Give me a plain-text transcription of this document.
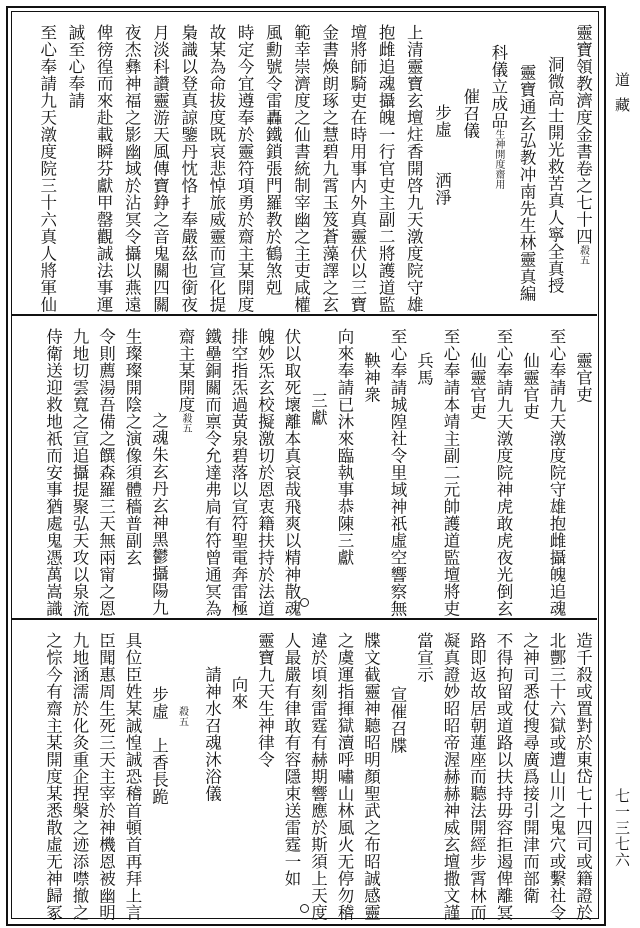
道藏
七一三七六
靈寶領教濟度金書卷之七十四殺五
洞微高士開光救苦真人寧全真授
靈寶通玄弘教冲南先生林靈真編
科儀立成品生神開度齋用
催召儀
步虛　　洒淨
上清靈寶玄壇炷香開啓九天潡度院守雄
抱雌追魂攝魄一行官吏主副二將護道監
壇將師騎吏在時用事内外真靈伏以三寶
金書煥朗琢之慧碧九霄玉笈蒼藻譯之玄
範幸崇濟度之仙書統制宰幽之主吏咸權
風勳號令雷轟鐵鎖張門羅教於鶴煞剋
時定今宜遵奉於靈符項勇於齋主某開度
故某為命拔度既哀悲悼旅威靈而宣化提
梟識以登真諒鑒丹忱恪扌奉嚴茲也銜夜
月淡科讚靈游天風傳寶錚之音鬼關四關
夜杰彝神福之影幽域於沾冥令攝以燕遠
俾徬徨而來赴載瞬芬獻甲罄觀誠法事運
誠至心奉請
至心奉請九天潡度院三十六真人將軍仙
靈官吏
至心奉請九天潡度院守雄抱雌攝魄追魂
仙靈官吏
至心奉請九天潡度院神虎敢虎夜光倒玄
仙靈官吏
至心奉請本靖主副二元帥護道監壇將吏
兵馬
至心奉請城隍社令里域神祇虛空響察無
鞅神衆
向來奉請已沐來臨執事恭陳三獻
三獻
伏以取死壞離本真哀哉飛爽以精神散魂
魄妙炁玄校擬激切於恩衷籍扶持於法道
排空指炁過黃泉碧落以宣符聖電奔雷極
鐵壘銅關而禀令允達弗扃有符曾通冥為
齋主某開度殺五
之魂朱玄丹玄神黑鬱攝陽九
生璨璨開陰之演像須體穡普副玄
令則薦湯吾備之饌森羅三天無兩甯之恩
九地切雲寬之宣追攝提聚弘天攻以泉流
侍衛送迎救地祇而安事猶處鬼憑萬嵩識
造千殺或置對於東岱七十四司或籍證於
北酆三十六獄或遭山川之鬼穴或繫社令
之神司悉仗搜尋廣爲接引開津而部衛
不得拘留或道路以扶持毋容拒遏俾離冥
路即返故居朝蓮座而聽法開經步霄林而
凝真證妙昭昭帝渥赫赫神威玄壇撒文謹
當宣示
宣催召牒
牒文截靈神聽昭明顏聖武之布昭誠感靈
之虞運指揮獄瀆呼嘯山林風火无停勿稽
違於頃刻雷霆有赫期響應於斯須上天度
人最嚴有律敢有容隱束送雷霆一如
靈寶九天生神律令
向來
請神水召魂沐浴儀
殺五
步虛　上香長跪
具位臣姓某誠惶誠恐稽首頓首再拜上言
臣聞惠周生死三天主宰於神機恩被幽明
九地涵濡於化灸重企捏槃之迹添噤撤之
之悰今有齋主某開度某悉散虛无神歸冢
